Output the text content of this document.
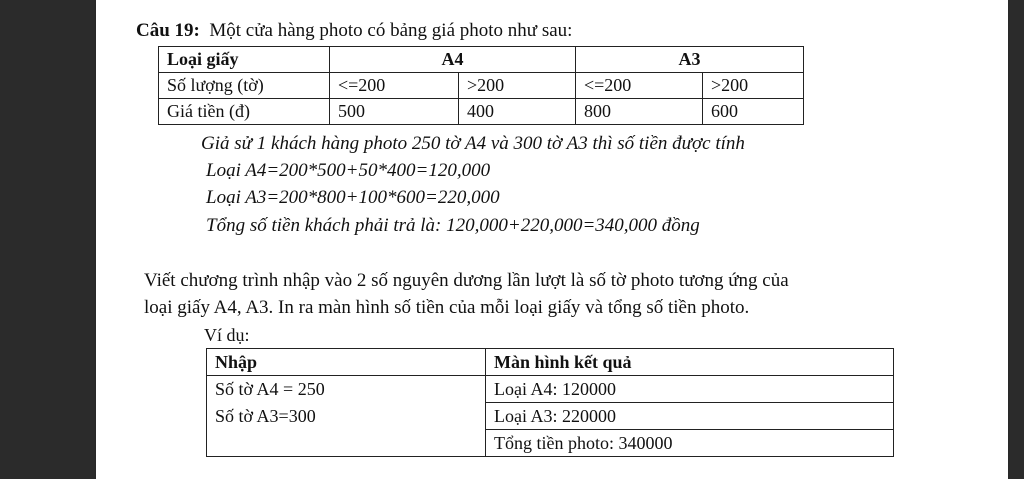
Câu 19: Một cửa hàng photo có bảng giá photo như sau:
Loại giấy	A4		A3	
Số lượng (tờ)	<=200	>200	<=200	>200
Giá tiền (đ)	500	400	800	600
Giả sử 1 khách hàng photo 250 tờ A4 và 300 tờ A3 thì số tiền được tính
Loại A4=200*500+50*400=120,000
Loại A3=200*800+100*600=220,000
Tổng số tiền khách phải trả là: 120,000+220,000=340,000 đồng
Viết chương trình nhập vào 2 số nguyên dương lần lượt là số tờ photo tương ứng của
loại giấy A4, A3. In ra màn hình số tiền của mỗi loại giấy và tổng số tiền photo.
Ví dụ:
Nhập	Màn hình kết quả
Số tờ A4 = 250	Loại A4: 120000
Số tờ A3=300	Loại A3: 220000
	Tổng tiền photo: 340000
